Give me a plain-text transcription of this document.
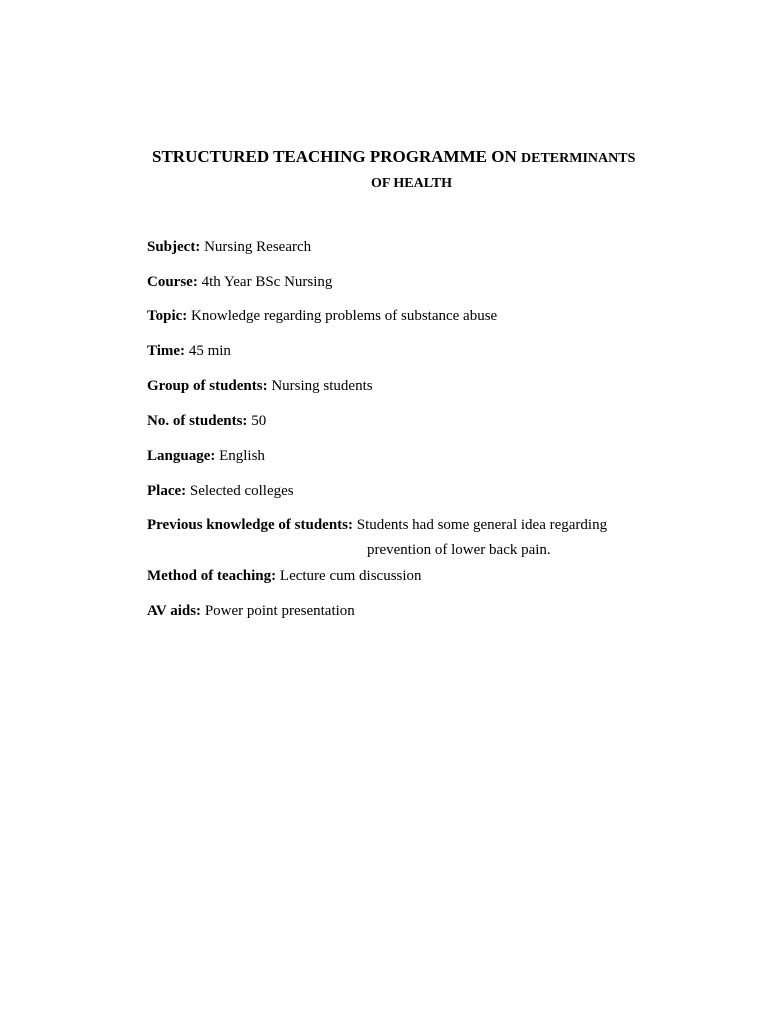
STRUCTURED TEACHING PROGRAMME ON DETERMINANTS
OF HEALTH
Subject: Nursing Research
Course: 4th Year BSc Nursing
Topic: Knowledge regarding problems of substance abuse
Time: 45 min
Group of students: Nursing students
No. of students: 50
Language: English
Place: Selected colleges
Previous knowledge of students: Students had some general idea regarding
prevention of lower back pain.
Method of teaching: Lecture cum discussion
AV aids: Power point presentation
